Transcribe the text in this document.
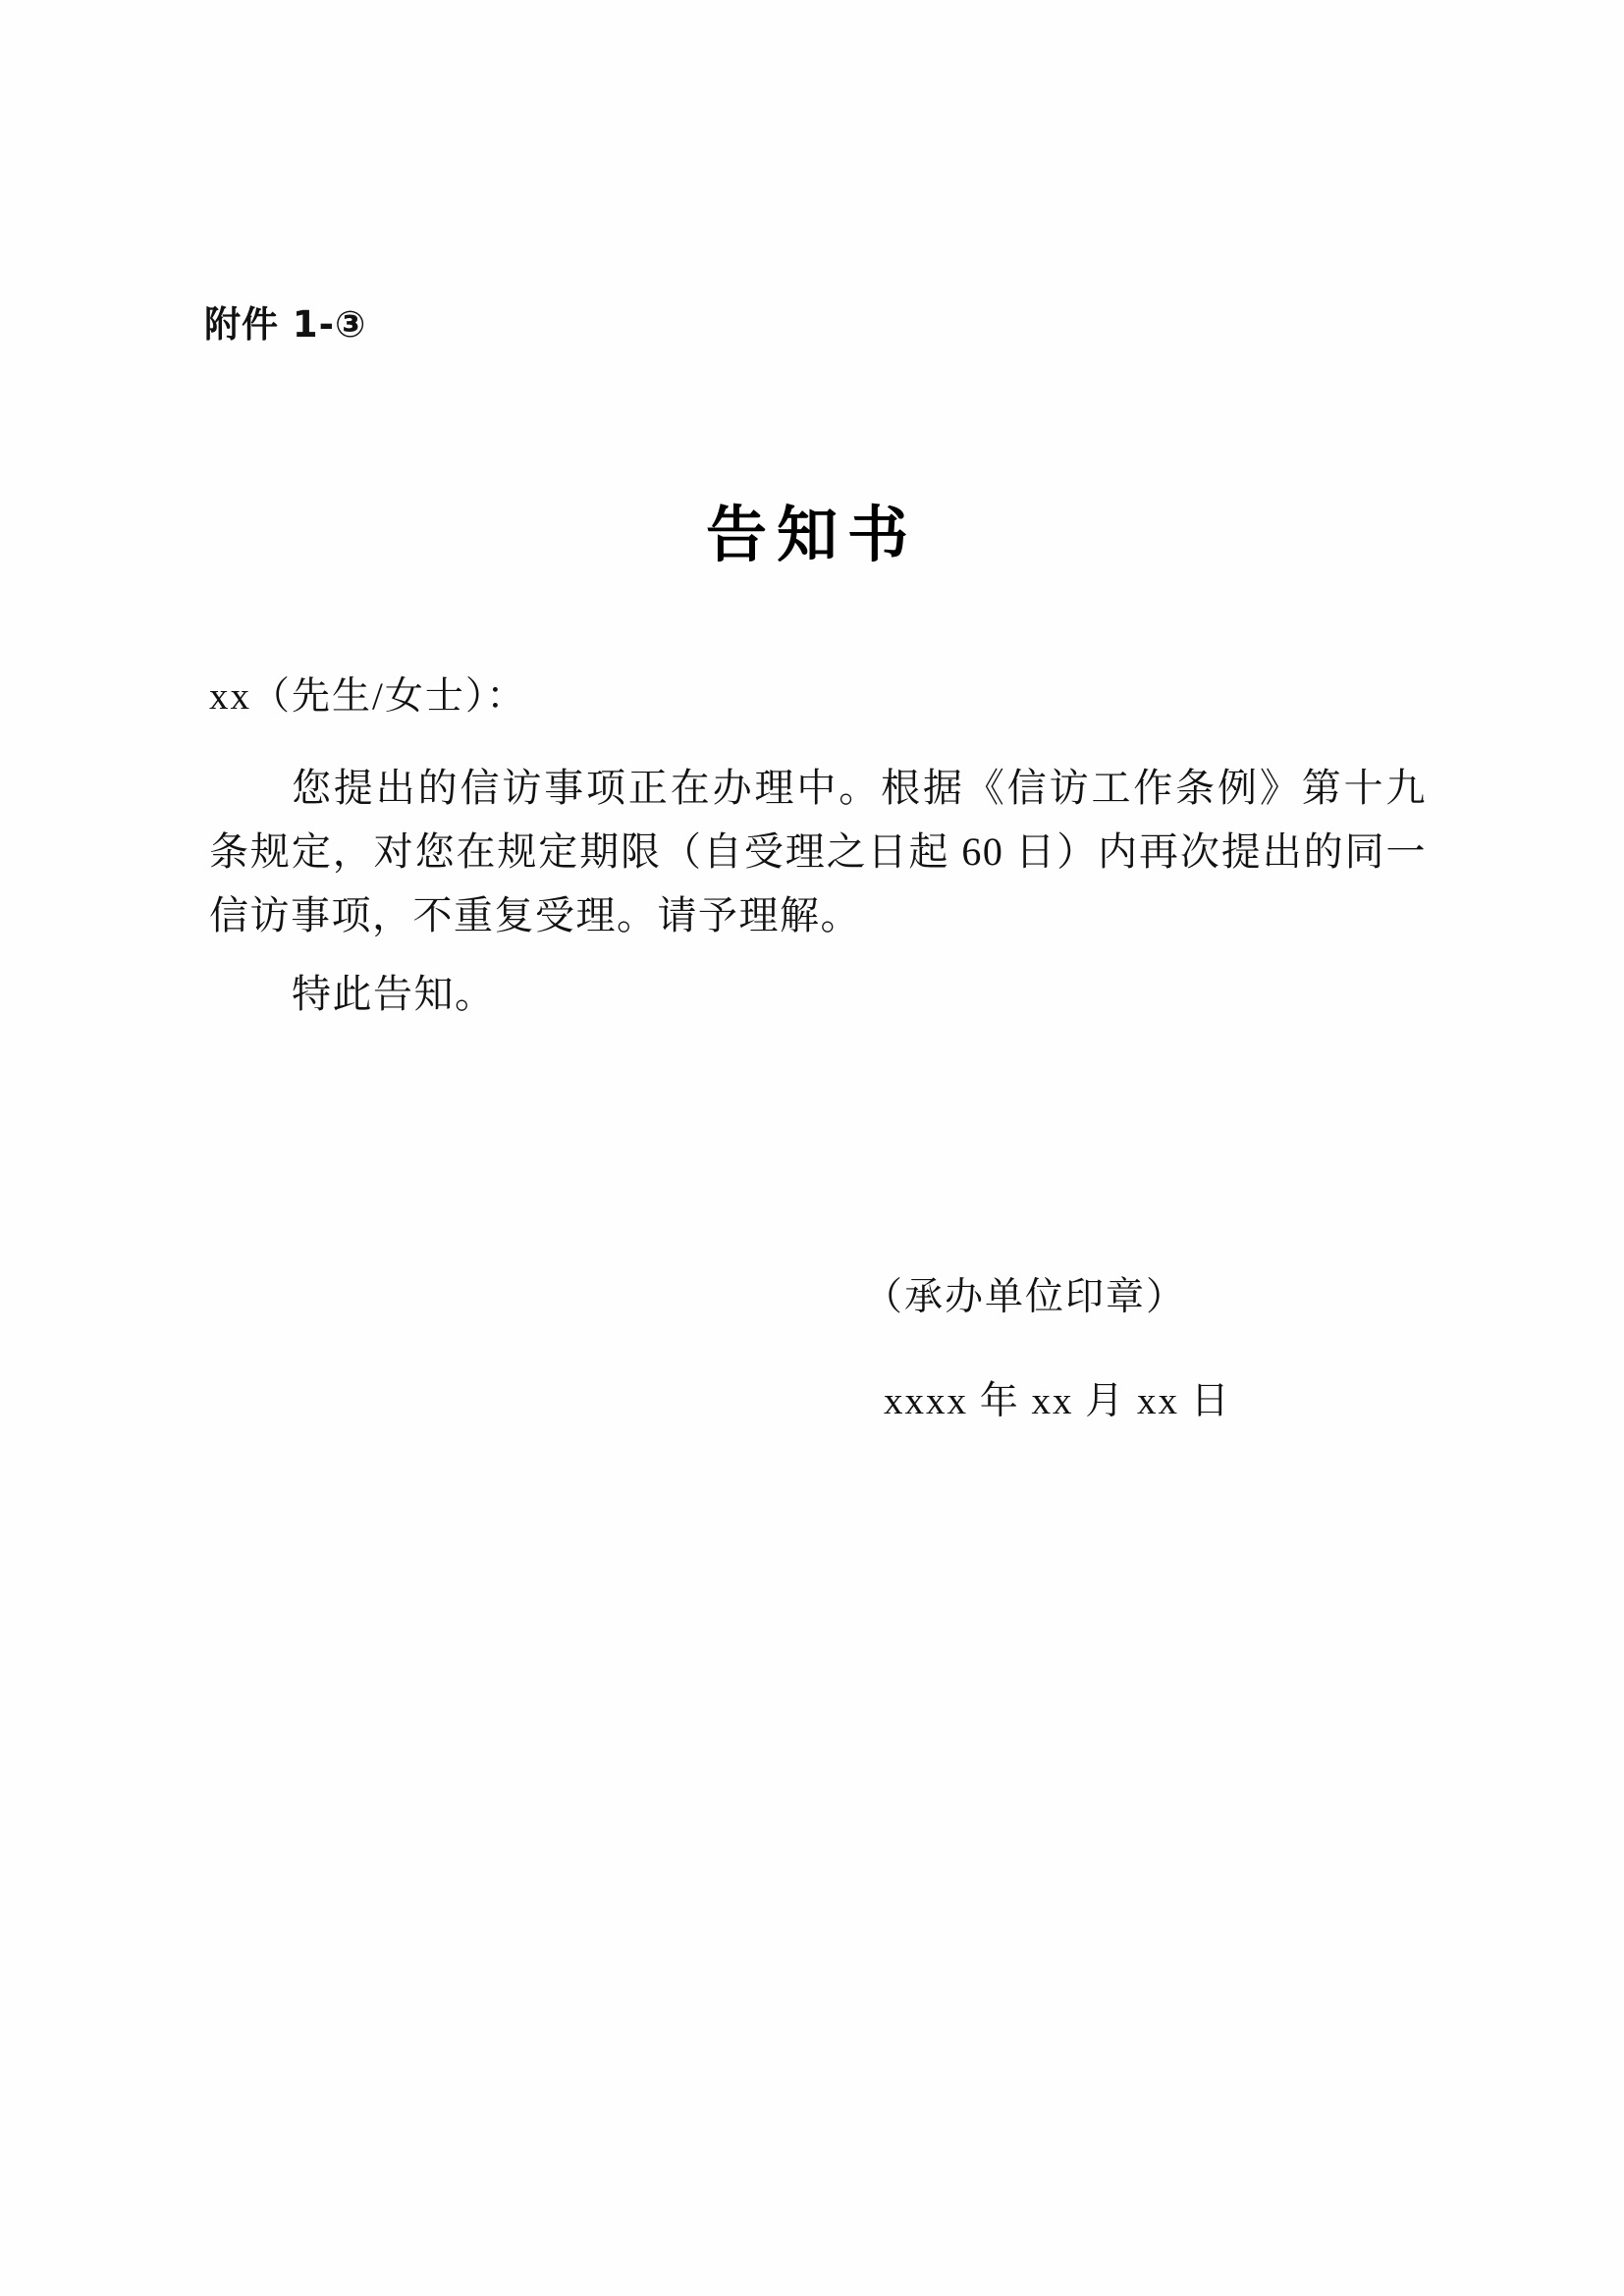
附件 1-③
告知书

xx（先生/女士）：

您提出的信访事项正在办理中。根据《信访工作条例》第十九条规定，对您在规定期限（自受理之日起 60 日）内再次提出的同一信访事项，不重复受理。请予理解。

特此告知。

（承办单位印章）

xxxx 年 xx 月 xx 日
